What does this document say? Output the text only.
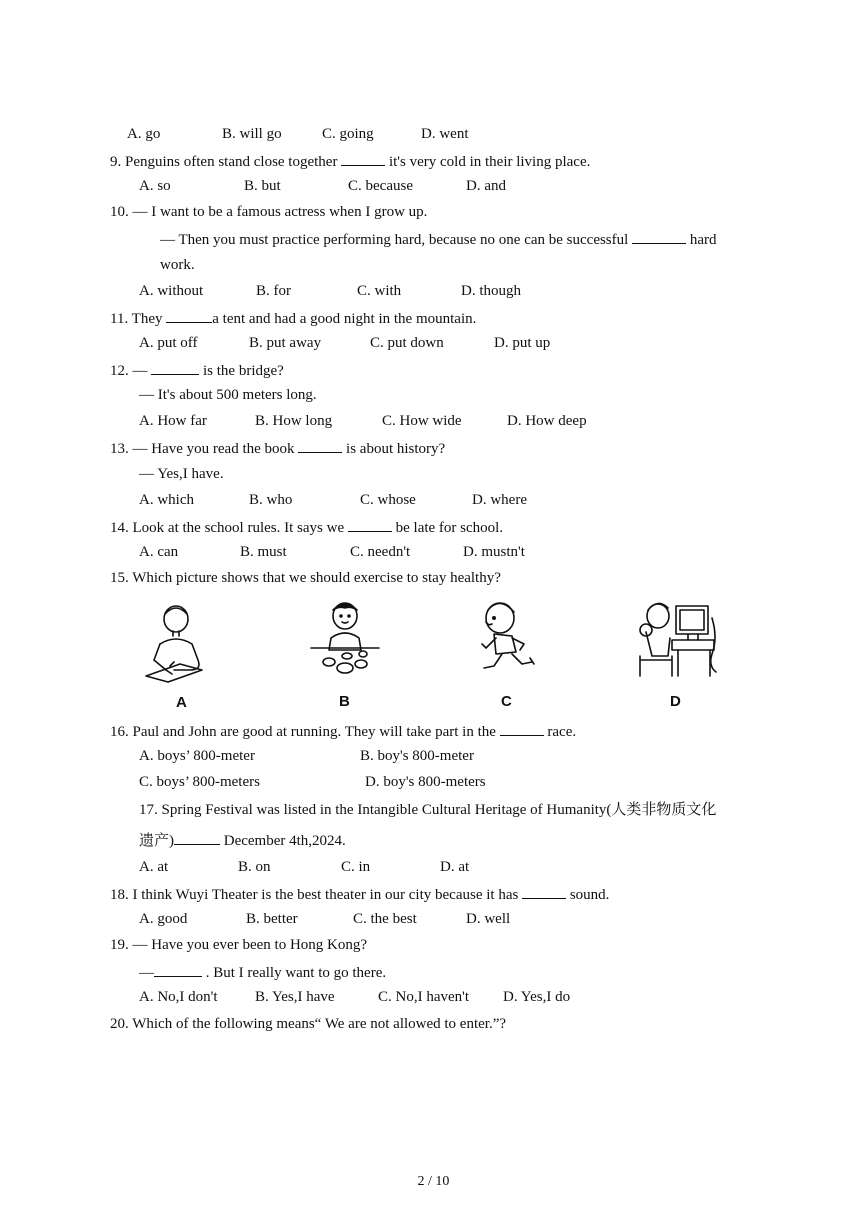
A. go	B. will go	C. going	D. went
9. Penguins often stand close together	it's very cold in their living place.
A. so	B. but	C. because	D. and
10. — I want to be a famous actress when I grow up.
— Then you must practice performing hard, because no one can be successful	hard
work.
A. without	B. for	C. with	D. though
11. They	a tent and had a good night in the mountain.
A. put off	B. put away	C. put down	D. put up
12. —	is the bridge?
— It's about 500 meters long.
A. How far	B. How long	C. How wide	D. How deep
13. — Have you read the book	is about history?
— Yes,I have.
A. which	B. who	C. whose	D. where
14. Look at the school rules. It says we	be late for school.
A. can	B. must	C. needn't	D. mustn't
15. Which picture shows that we should exercise to stay healthy?
A	B	C	D
16. Paul and John are good at running. They will take part in the	race.
A. boys’ 800-meter	B. boy's 800-meter
C. boys’ 800-meters	D. boy's 800-meters
17. Spring Festival was listed in the Intangible Cultural Heritage of Humanity(人类非物质文化
遗产)	December 4th,2024.
A. at	B. on	C. in	D. at
18. I think Wuyi Theater is the best theater in our city because it has	sound.
A. good	B. better	C. the best	D. well
19. — Have you ever been to Hong Kong?
—	. But I really want to go there.
A. No,I don't B. Yes,I have	C. No,I haven't D. Yes,I do
20. Which of the following means“ We are not allowed to enter.”?
2 / 10
